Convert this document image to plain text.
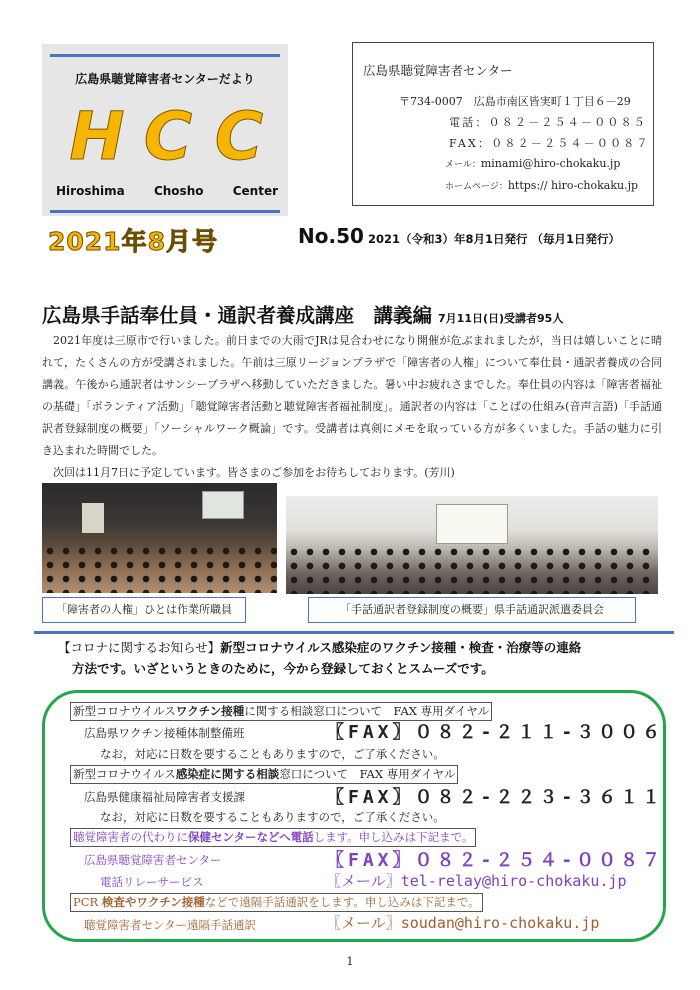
広島県聴覚障害者センターだより
H C C
Hiroshima Chosho Center
2021年8月号
広島県聴覚障害者センター
〒734-0007　広島市南区皆実町１丁目６－29
電話：０８２－２５４－００８５
FAX：０８２－２５４－００８７
メール：minami@hiro-chokaku.jp
ホームページ：https:// hiro-chokaku.jp
No.50 2021（令和3）年8月1日発行 （毎月1日発行）
広島県手話奉仕員・通訳者養成講座　講義編 7月11日(日)受講者95人

2021年度は三原市で行いました。前日までの大雨でJRは見合わせになり開催が危ぶまれましたが，当日は嬉しいことに晴れて，たくさんの方が受講されました。午前は三原リージョンプラザで「障害者の人権」について奉仕員・通訳者養成の合同講義。午後から通訳者はサンシープラザへ移動していただきました。暑い中お疲れさまでした。奉仕員の内容は「障害者福祉の基礎」「ボランティア活動」「聴覚障害者活動と聴覚障害者福祉制度」。通訳者の内容は「ことばの仕組み(音声言語)「手話通訳者登録制度の概要」「ソーシャルワーク概論」です。受講者は真剣にメモを取っている方が多くいました。手話の魅力に引き込まれた時間でした。

次回は11月7日に予定しています。皆さまのご参加をお待ちしております。(芳川)

「障害者の人権」ひとは作業所職員	「手話通訳者登録制度の概要」県手話通訳派遣委員会
【コロナに関するお知らせ】新型コロナウイルス感染症のワクチン接種・検査・治療等の連絡
方法です。いざというときのために，今から登録しておくとスムーズです。
新型コロナウイルスワクチン接種に関する相談窓口について　FAX 専用ダイヤル
広島県ワクチン接種体制整備班	〖FAX〗０８２-２１１-３００６
なお，対応に日数を要することもありますので，ご了承ください。
新型コロナウイルス感染症に関する相談窓口について　FAX 専用ダイヤル
広島県健康福祉局障害者支援課	〖FAX〗０８２-２２３-３６１１
なお，対応に日数を要することもありますので，ご了承ください。
聴覚障害者の代わりに保健センターなどへ電話します。申し込みは下記まで。
広島県聴覚障害者センター	〖FAX〗０８２-２５４-００８７
電話リレーサービス	〖メール〗tel-relay@hiro-chokaku.jp
PCR 検査やワクチン接種などで遠隔手話通訳をします。申し込みは下記まで。
聴覚障害者センター遠隔手話通訳	〖メール〗soudan@hiro-chokaku.jp
1
